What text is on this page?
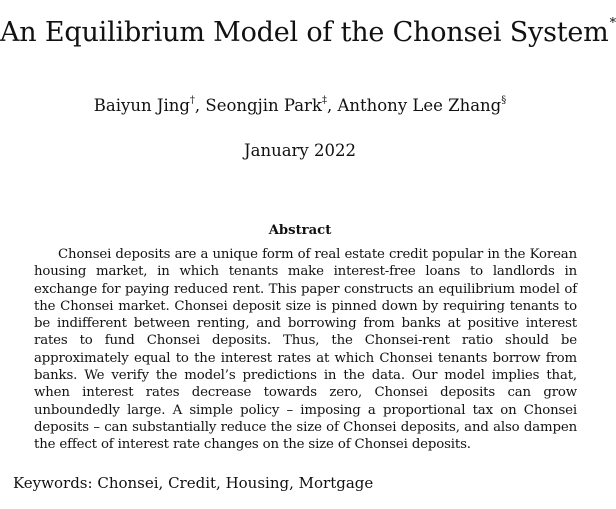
An Equilibrium Model of the Chonsei System*
Baiyun Jing†, Seongjin Park‡, Anthony Lee Zhang§
January 2022
Abstract
Chonsei deposits are a unique form of real estate credit popular in the Korean housing market, in which tenants make interest-free loans to landlords in exchange for paying reduced rent. This paper constructs an equilibrium model of the Chonsei market. Chonsei deposit size is pinned down by requiring tenants to be indifferent between renting, and borrowing from banks at positive interest rates to fund Chonsei deposits. Thus, the Chonsei-rent ratio should be approximately equal to the interest rates at which Chonsei tenants borrow from banks. We verify the model’s predictions in the data. Our model implies that, when interest rates decrease towards zero, Chonsei deposits can grow unboundedly large. A simple policy – imposing a proportional tax on Chonsei deposits – can substantially reduce the size of Chonsei deposits, and also dampen the effect of interest rate changes on the size of Chonsei deposits.
Keywords: Chonsei, Credit, Housing, Mortgage
